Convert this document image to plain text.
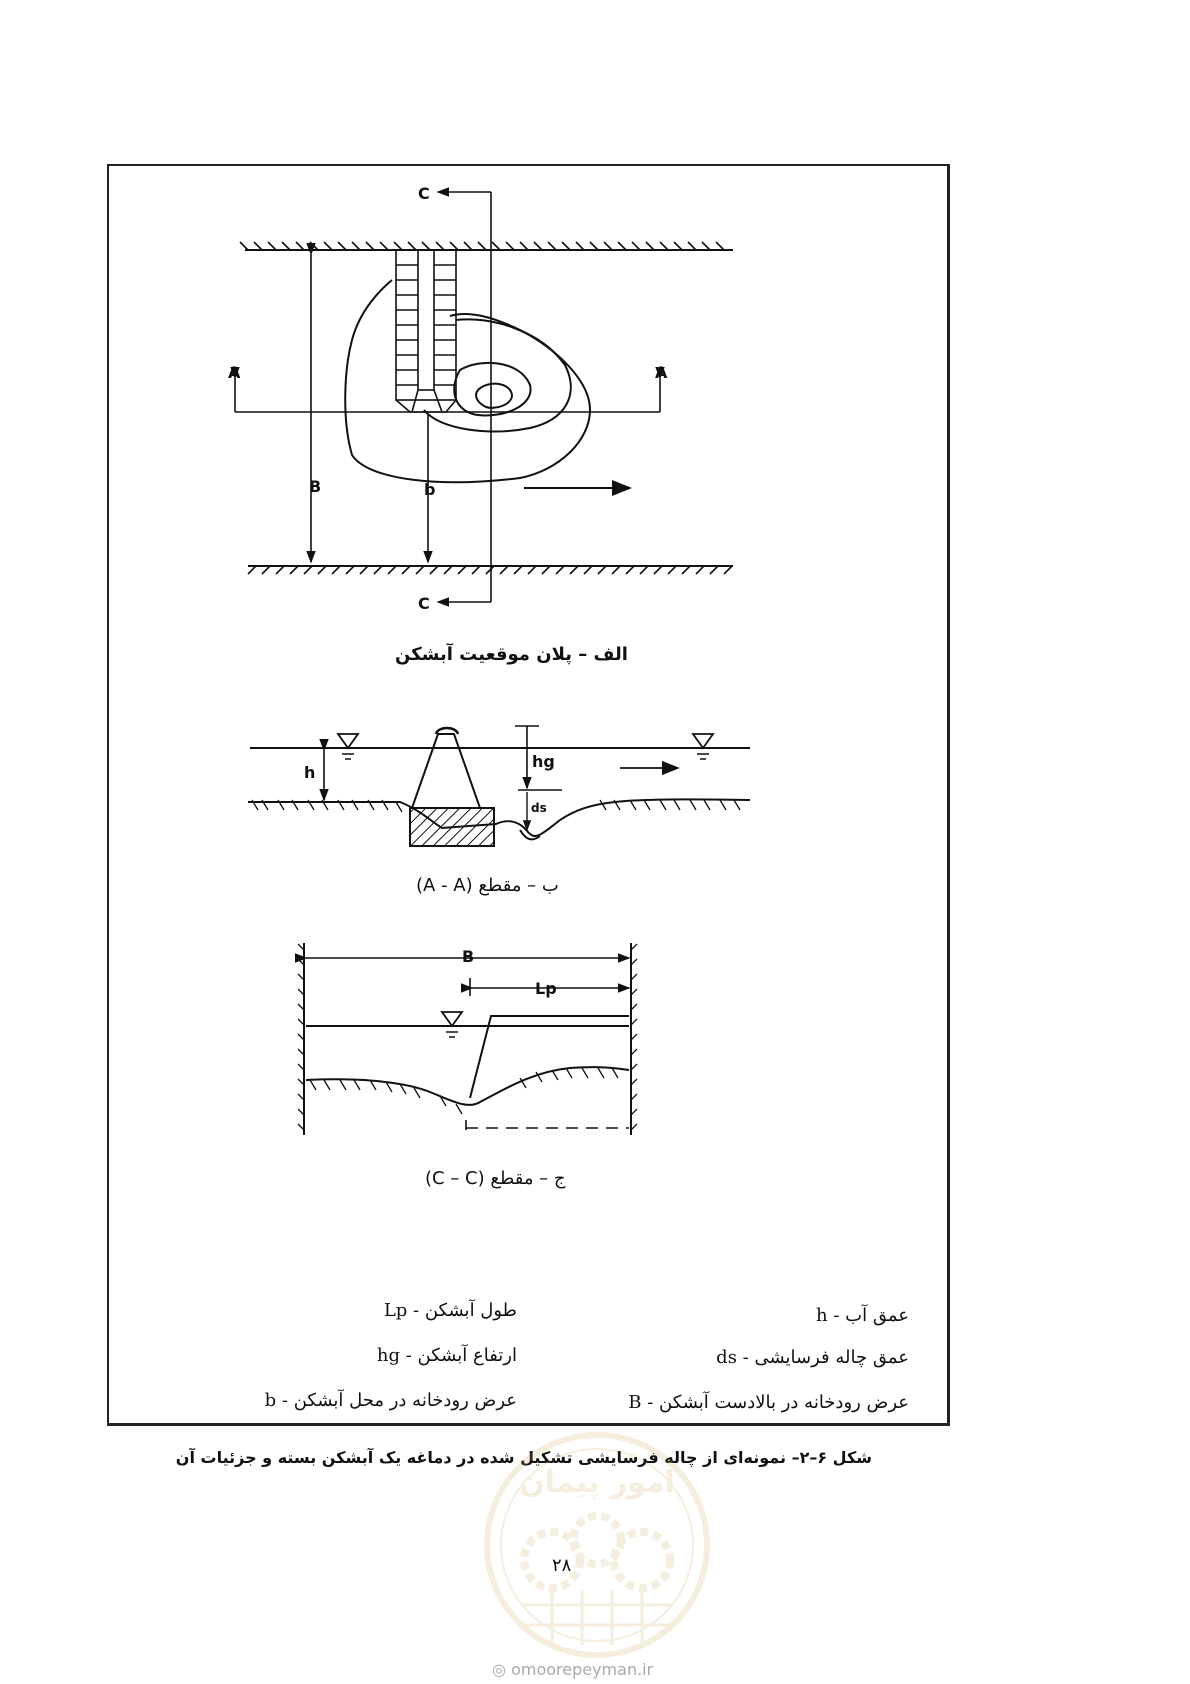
C
C
A	A
B	b
h
hg
ds
B
Lp
الف – پلان موقعیت آبشکن
ب – مقطع (A - A)
ج – مقطع (C – C)
h - عمق آب
ds - عمق چاله فرسایشی
B - عرض رودخانه در بالادست آبشکن
Lp - طول آبشکن
hg - ارتفاع آبشکن
b - عرض رودخانه در محل آبشکن
شکل ۶–۲– نمونه‌ای از چاله فرسایشی تشکیل شده در دماغه یک آبشکن بسته و جزئیات آن
امور پیمان
۲۸
◎ omoorepeyman.ir
